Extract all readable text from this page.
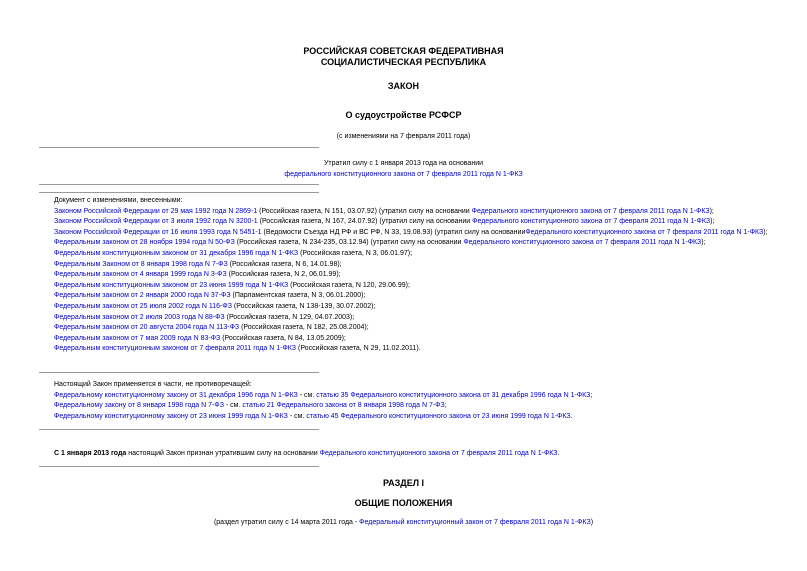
РОССИЙСКАЯ СОВЕТСКАЯ ФЕДЕРАТИВНАЯ
СОЦИАЛИСТИЧЕСКАЯ РЕСПУБЛИКА
ЗАКОН
О судоустройстве РСФСР
(с изменениями на 7 февраля 2011 года)
Утратил силу с 1 января 2013 года на основании
федерального конституционного закона от 7 февраля 2011 года N 1-ФКЗ
Документ с изменениями, внесенными:
Законом Российской Федерации от 29 мая 1992 года N 2869-1 (Российская газета, N 151, 03.07.92) (утратил силу на основании Федерального конституционного закона от 7 февраля 2011 года N 1-ФКЗ);
Законом Российской Федерации от 3 июля 1992 года N 3200-1 (Российская газета, N 167, 24.07.92) (утратил силу на основании Федерального конституционного закона от 7 февраля 2011 года N 1-ФКЗ);
Законом Российской Федерации от 16 июля 1993 года N 5451-1 (Ведомости Съезда НД РФ и ВС РФ, N 33, 19.08.93) (утратил силу на основанииФедерального конституционного закона от 7 февраля 2011 года N 1-ФКЗ);
Федеральным законом от 28 ноября 1994 года N 50-ФЗ (Российская газета, N 234-235, 03.12.94) (утратил силу на основании Федерального конституционного закона от 7 февраля 2011 года N 1-ФКЗ);
Федеральным конституционным законом от 31 декабря 1996 года N 1-ФКЗ (Российская газета, N 3, 06.01.97);
Федеральным Законом от 8 января 1998 года N 7-ФЗ (Российская газета, N 6, 14.01.98);
Федеральным законом от 4 января 1999 года N 3-ФЗ (Российская газета, N 2, 06.01.99);
Федеральным конституционным законом от 23 июня 1999 года N 1-ФКЗ (Российская газета, N 120, 29.06.99);
Федеральным законом от 2 января 2000 года N 37-ФЗ (Парламентская газета, N 3, 06.01.2000);
Федеральным законом от 25 июля 2002 года N 116-ФЗ (Российская газета, N 138-139, 30.07.2002);
Федеральным законом от 2 июля 2003 года N 88-ФЗ (Российская газета, N 129, 04.07.2003);
Федеральным законом от 20 августа 2004 года N 113-ФЗ (Российская газета, N 182, 25.08.2004);
Федеральным законом от 7 мая 2009 года N 83-ФЗ (Российская газета, N 84, 13.05.2009);
Федеральным конституционным законом от 7 февраля 2011 года N 1-ФКЗ (Российская газета, N 29, 11.02.2011).
Настоящий Закон применяется в части, не противоречащей:
Федеральному конституционному закону от 31 декабря 1996 года N 1-ФКЗ - см. статью 35 Федерального конституционного закона от 31 декабря 1996 года N 1-ФКЗ;
Федеральному закону от 8 января 1998 года N 7-ФЗ - см. статью 21 Федерального закона от 8 января 1998 года N 7-ФЗ;
Федеральному конституционному закону от 23 июня 1999 года N 1-ФКЗ - см. статью 45 Федерального конституционного закона от 23 июня 1999 года N 1-ФКЗ.
С 1 января 2013 года настоящий Закон признан утратившим силу на основании Федерального конституционного закона от 7 февраля 2011 года N 1-ФКЗ.
РАЗДЕЛ I
ОБЩИЕ ПОЛОЖЕНИЯ
(раздел утратил силу с 14 марта 2011 года - Федеральный конституционный закон от 7 февраля 2011 года N 1-ФКЗ)
